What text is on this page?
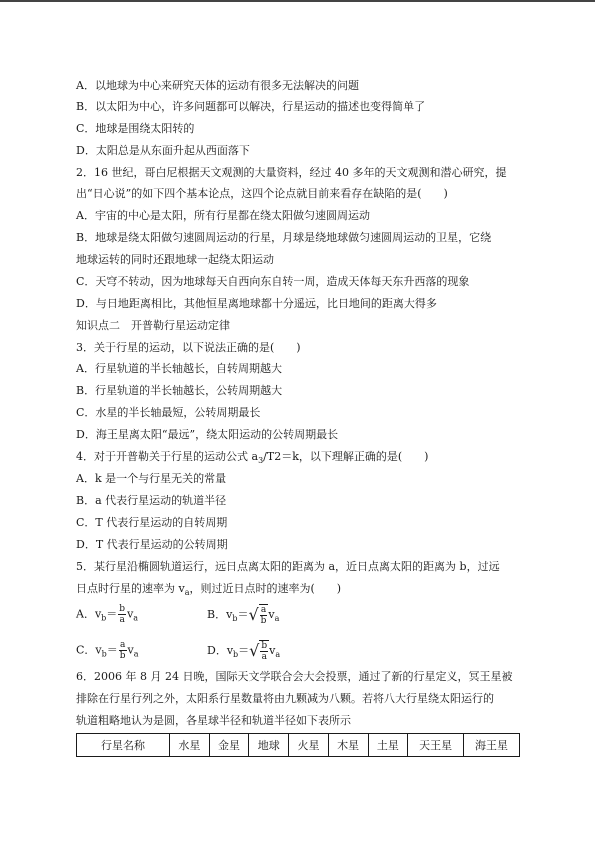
A．以地球为中心来研究天体的运动有很多无法解决的问题
B．以太阳为中心，许多问题都可以解决，行星运动的描述也变得简单了
C．地球是围绕太阳转的
D．太阳总是从东面升起从西面落下
2．16 世纪，哥白尼根据天文观测的大量资料，经过 40 多年的天文观测和潜心研究，提
出“日心说”的如下四个基本论点，这四个论点就目前来看存在缺陷的是(　　)
A．宇宙的中心是太阳，所有行星都在绕太阳做匀速圆周运动
B．地球是绕太阳做匀速圆周运动的行星，月球是绕地球做匀速圆周运动的卫星，它绕
地球运转的同时还跟地球一起绕太阳运动
C．天穹不转动，因为地球每天自西向东自转一周，造成天体每天东升西落的现象
D．与日地距离相比，其他恒星离地球都十分遥远，比日地间的距离大得多
知识点二　开普勒行星运动定律
3．关于行星的运动，以下说法正确的是(　　)
A．行星轨道的半长轴越长，自转周期越大
B．行星轨道的半长轴越长，公转周期越大
C．水星的半长轴最短，公转周期最长
D．海王星离太阳“最远”，绕太阳运动的公转周期最长
4．对于开普勒关于行星的运动公式 $a_3/T2=k$，以下理解正确的是(　　)
A．k 是一个与行星无关的常量
B．a 代表行星运动的轨道半径
C．T 代表行星运动的自转周期
D．T 代表行星运动的公转周期
5．某行星沿椭圆轨道运行，远日点离太阳的距离为 a，近日点离太阳的距离为 b，过远
日点时行星的速率为 $v_a$，则过近日点时的速率为(　　)
A．$v_b= \frac{b}{a} v_a$	B．$v_b=√ \frac{a}{b} v_a$
C．$v_b= \frac{a}{b} v_a$	D．$v_b=√ \frac{b}{a} v_a$
6．2006 年 8 月 24 日晚，国际天文学联合会大会投票，通过了新的行星定义，冥王星被
排除在行星行列之外，太阳系行星数量将由九颗减为八颗。若将八大行星绕太阳运行的
轨道粗略地认为是圆，各星球半径和轨道半径如下表所示
行星名称	水星	金星	地球	火星	木星	土星	天王星	海王星
